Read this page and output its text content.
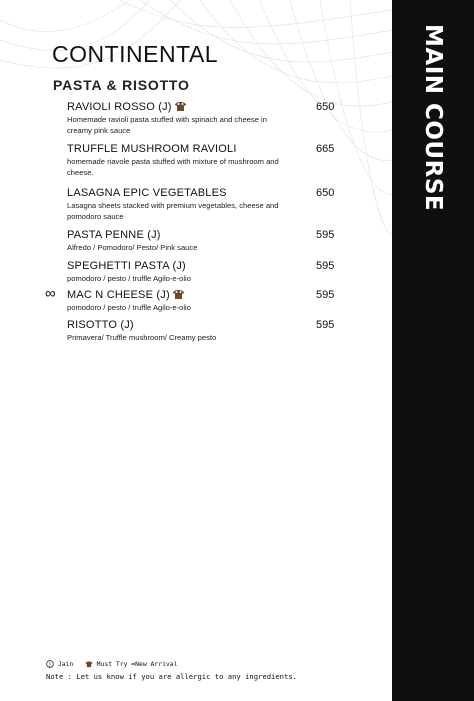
MAIN COURSE
CONTINENTAL
PASTA & RISOTTO
RAVIOLI ROSSO (J)
Homemade ravioli pasta stuffed with spinach and cheese in creamy pink sauce
650
TRUFFLE MUSHROOM RAVIOLI
homemade riavole pasta stuffed with mixture of mushroom and cheese.
665
LASAGNA EPIC VEGETABLES
Lasagna sheets stacked with premium vegetables, cheese and pomodoro sauce
650
PASTA PENNE (J)
Alfredo / Pomodoro/ Pesto/ Pink sauce
595
SPEGHETTI PASTA (J)
pomodoro / pesto / truffle Agilo-e-olio
595
∞ MAC N CHEESE (J)
pomodoro / pesto / truffle Agilo-e-olio
595
RISOTTO (J)
Primavera/ Truffle mushroom/ Creamy pesto
595
J Jain	Must Try ∞New Arrival
Note : Let us know if you are allergic to any ingredients.
